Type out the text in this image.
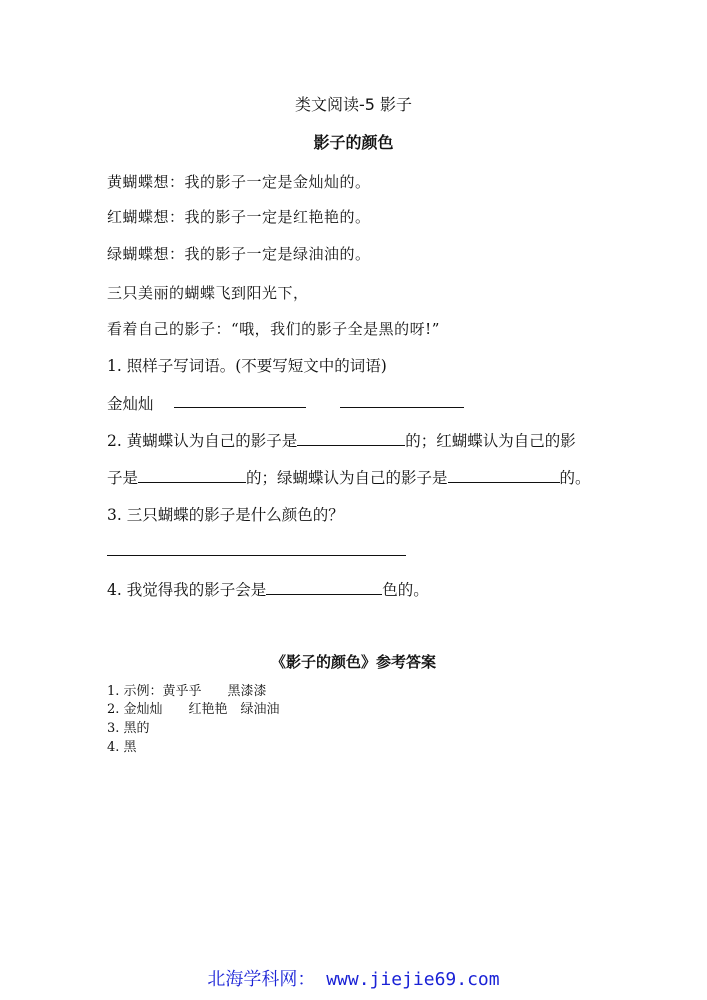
类文阅读-5 影子
影子的颜色
黄蝴蝶想：我的影子一定是金灿灿的。
红蝴蝶想：我的影子一定是红艳艳的。
绿蝴蝶想：我的影子一定是绿油油的。
三只美丽的蝴蝶飞到阳光下，
看着自己的影子：“哦，我们的影子全是黑的呀!”
1. 照样子写词语。(不要写短文中的词语)
金灿灿
2. 黄蝴蝶认为自己的影子是	的；红蝴蝶认为自己的影
子是	的；绿蝴蝶认为自己的影子是	的。
3. 三只蝴蝶的影子是什么颜色的？
4. 我觉得我的影子会是	色的。
《影子的颜色》参考答案
1. 示例：黄乎乎　　黑漆漆
2. 金灿灿　　红艳艳　绿油油
3. 黑的
4. 黑
北海学科网： www.jiejie69.com
